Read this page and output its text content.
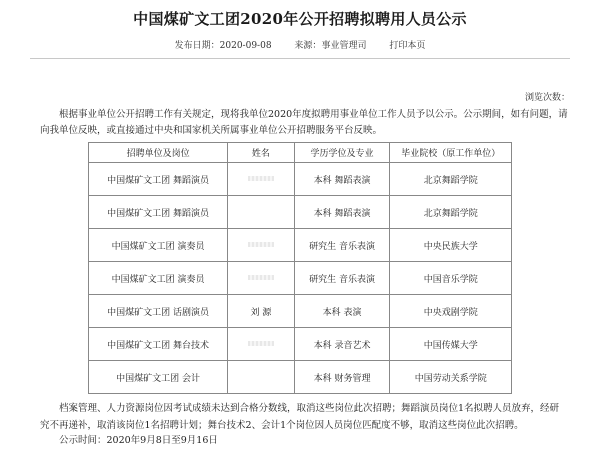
中国煤矿文工团2020年公开招聘拟聘用人员公示
发布日期：2020-09-08	来源：事业管理司	打印本页
浏览次数：
根据事业单位公开招聘工作有关规定，现将我单位2020年度拟聘用事业单位工作人员予以公示。公示期间，如有问题，请向我单位反映，或直接通过中央和国家机关所属事业单位公开招聘服务平台反映。
招聘单位及岗位	姓名	学历学位及专业	毕业院校（原工作单位）
中国煤矿文工团 舞蹈演员		本科 舞蹈表演	北京舞蹈学院
中国煤矿文工团 舞蹈演员		本科 舞蹈表演	北京舞蹈学院
中国煤矿文工团 演奏员		研究生 音乐表演	中央民族大学
中国煤矿文工团 演奏员		研究生 音乐表演	中国音乐学院
中国煤矿文工团 话剧演员	刘 源	本科 表演	中央戏剧学院
中国煤矿文工团 舞台技术		本科 录音艺术	中国传媒大学
中国煤矿文工团 会计		本科 财务管理	中国劳动关系学院
档案管理、人力资源岗位因考试成绩未达到合格分数线，取消这些岗位此次招聘；舞蹈演员岗位1名拟聘人员放弃，经研究不再递补，取消该岗位1名招聘计划；舞台技术2、会计1个岗位因人员岗位匹配度不够，取消这些岗位此次招聘。
公示时间：2020年9月8日至9月16日
